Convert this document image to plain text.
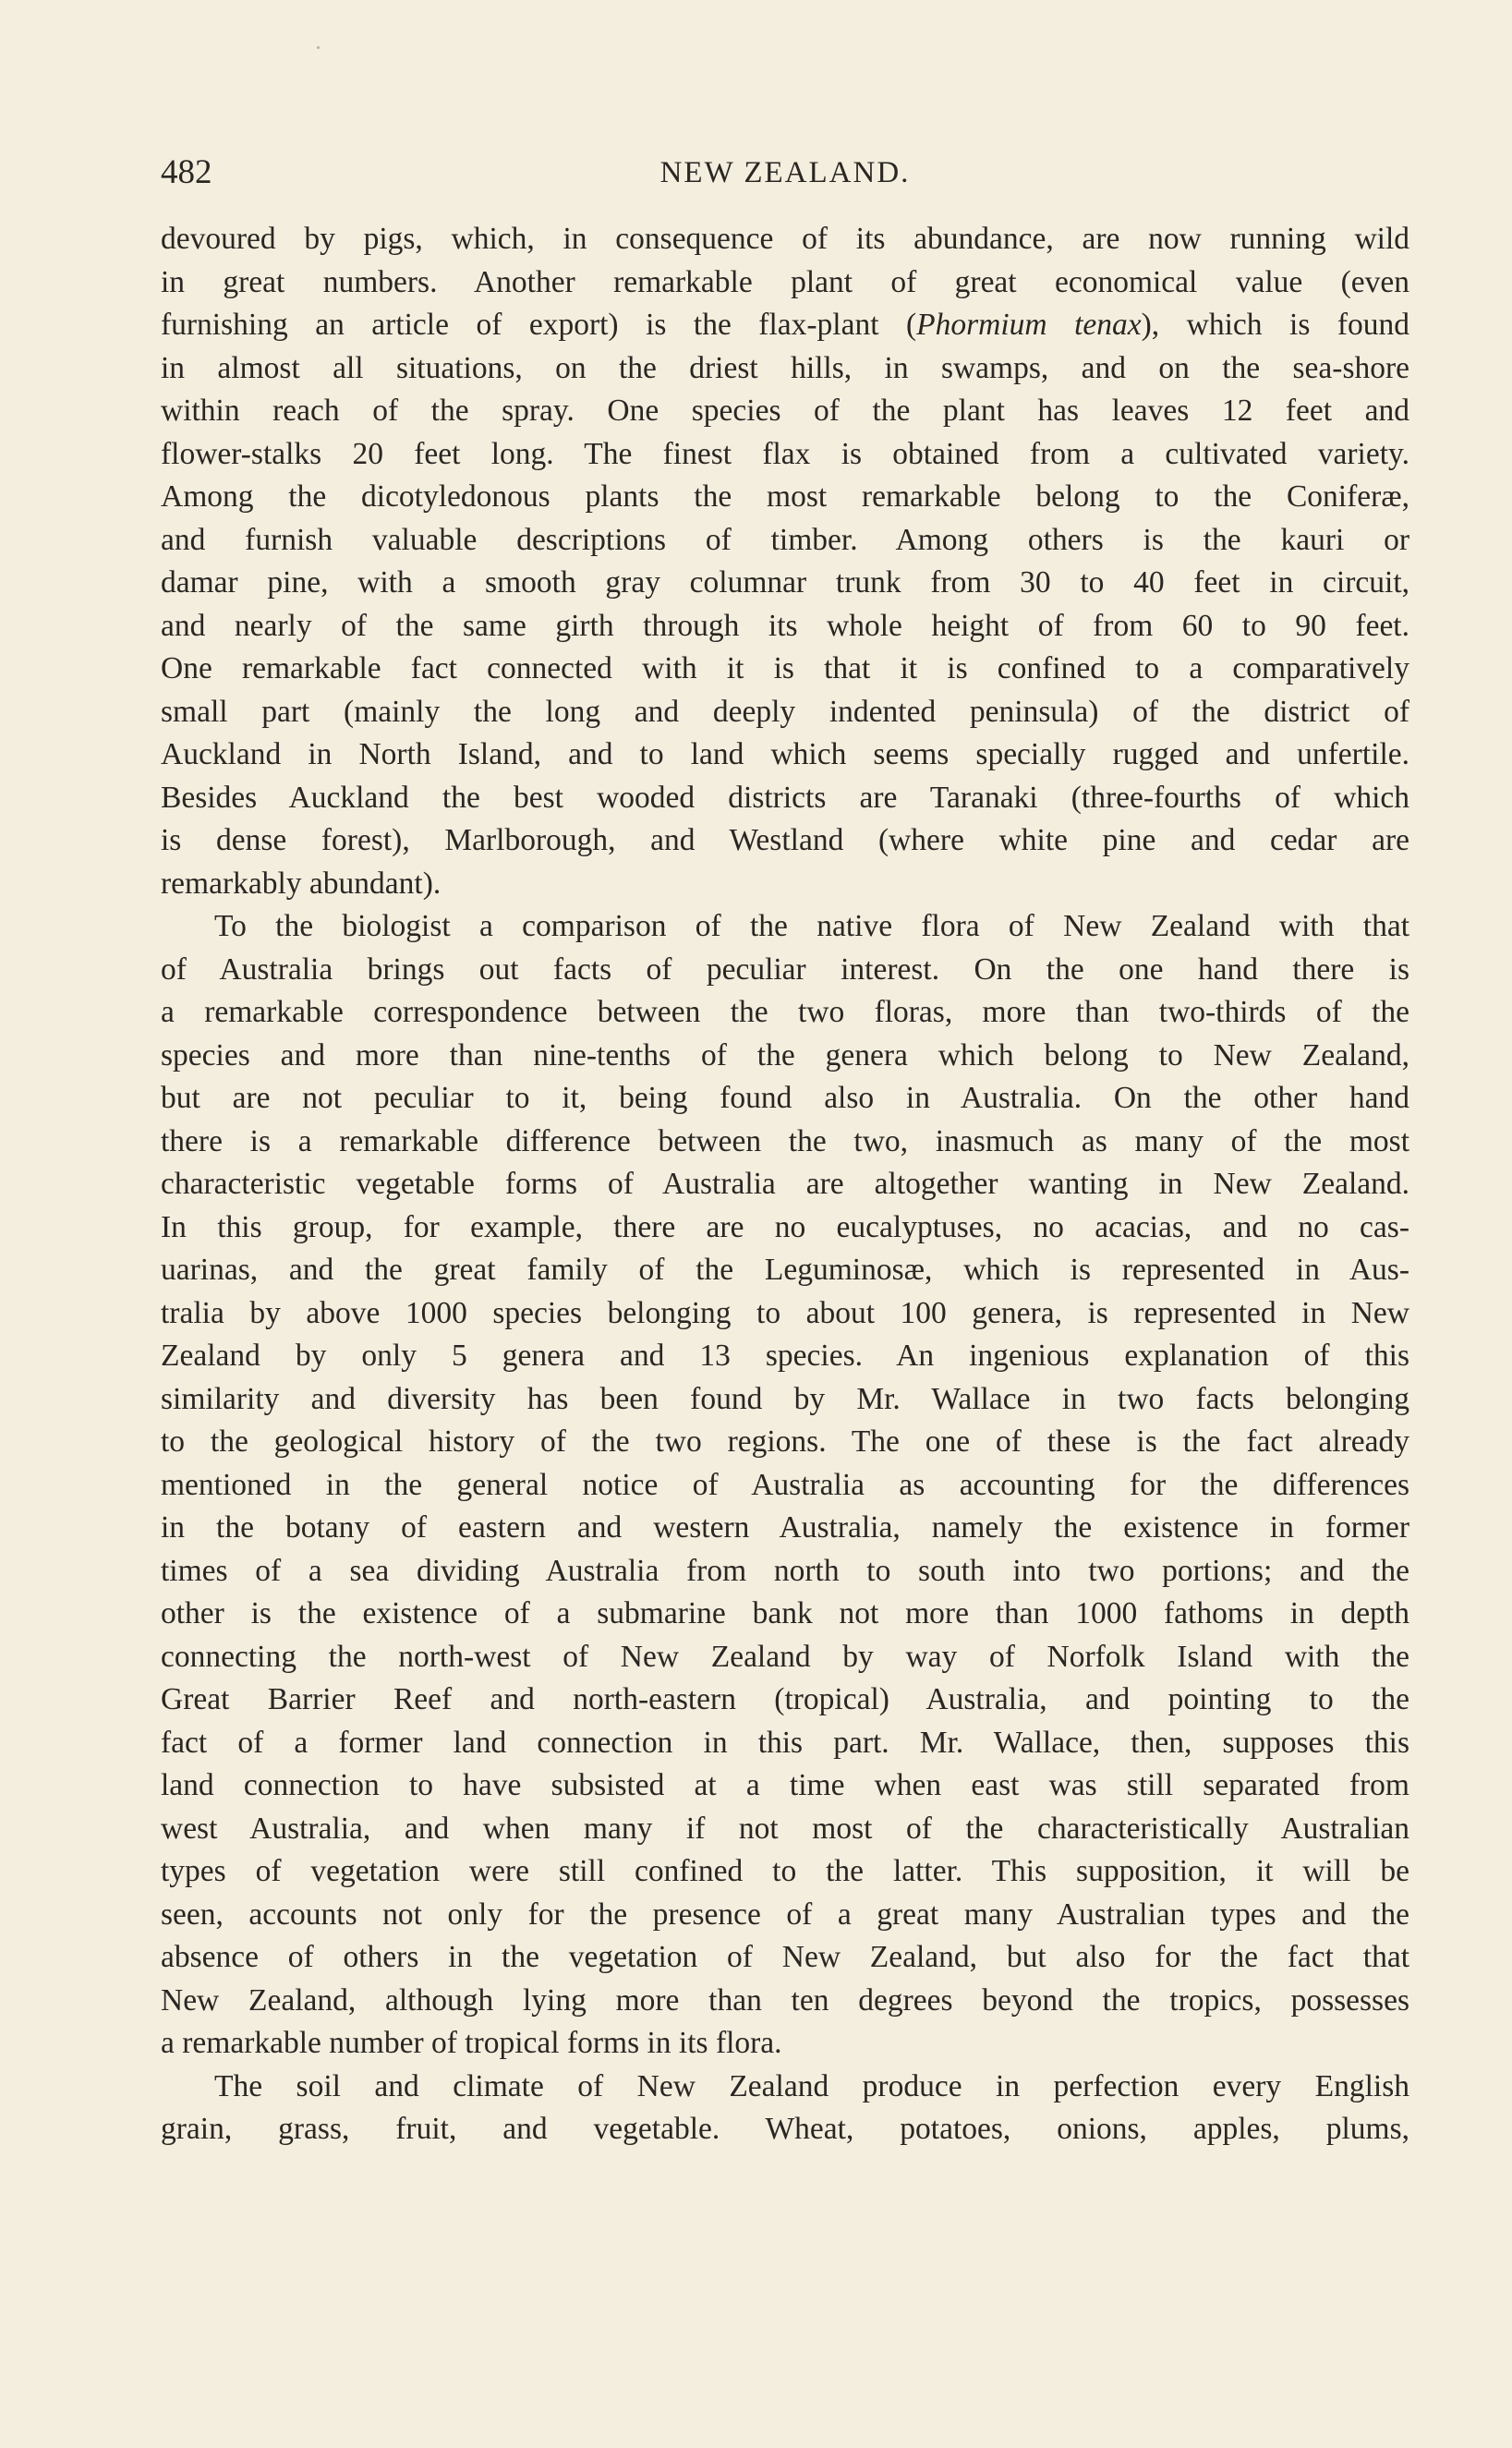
482	NEW ZEALAND.
devoured by pigs, which, in consequence of its abundance, are now running wild
in great numbers. Another remarkable plant of great economical value (even
furnishing an article of export) is the flax-plant (Phormium tenax), which is found
in almost all situations, on the driest hills, in swamps, and on the sea-shore
within reach of the spray. One species of the plant has leaves 12 feet and
flower-stalks 20 feet long. The finest flax is obtained from a cultivated variety.
Among the dicotyledonous plants the most remarkable belong to the Coniferæ,
and furnish valuable descriptions of timber. Among others is the kauri or
damar pine, with a smooth gray columnar trunk from 30 to 40 feet in circuit,
and nearly of the same girth through its whole height of from 60 to 90 feet.
One remarkable fact connected with it is that it is confined to a comparatively
small part (mainly the long and deeply indented peninsula) of the district of
Auckland in North Island, and to land which seems specially rugged and unfertile.
Besides Auckland the best wooded districts are Taranaki (three-fourths of which
is dense forest), Marlborough, and Westland (where white pine and cedar are
remarkably abundant).
To the biologist a comparison of the native flora of New Zealand with that
of Australia brings out facts of peculiar interest. On the one hand there is
a remarkable correspondence between the two floras, more than two-thirds of the
species and more than nine-tenths of the genera which belong to New Zealand,
but are not peculiar to it, being found also in Australia. On the other hand
there is a remarkable difference between the two, inasmuch as many of the most
characteristic vegetable forms of Australia are altogether wanting in New Zealand.
In this group, for example, there are no eucalyptuses, no acacias, and no cas-
uarinas, and the great family of the Leguminosæ, which is represented in Aus-
tralia by above 1000 species belonging to about 100 genera, is represented in New
Zealand by only 5 genera and 13 species. An ingenious explanation of this
similarity and diversity has been found by Mr. Wallace in two facts belonging
to the geological history of the two regions. The one of these is the fact already
mentioned in the general notice of Australia as accounting for the differences
in the botany of eastern and western Australia, namely the existence in former
times of a sea dividing Australia from north to south into two portions; and the
other is the existence of a submarine bank not more than 1000 fathoms in depth
connecting the north-west of New Zealand by way of Norfolk Island with the
Great Barrier Reef and north-eastern (tropical) Australia, and pointing to the
fact of a former land connection in this part. Mr. Wallace, then, supposes this
land connection to have subsisted at a time when east was still separated from
west Australia, and when many if not most of the characteristically Australian
types of vegetation were still confined to the latter. This supposition, it will be
seen, accounts not only for the presence of a great many Australian types and the
absence of others in the vegetation of New Zealand, but also for the fact that
New Zealand, although lying more than ten degrees beyond the tropics, possesses
a remarkable number of tropical forms in its flora.
The soil and climate of New Zealand produce in perfection every English
grain, grass, fruit, and vegetable. Wheat, potatoes, onions, apples, plums,
